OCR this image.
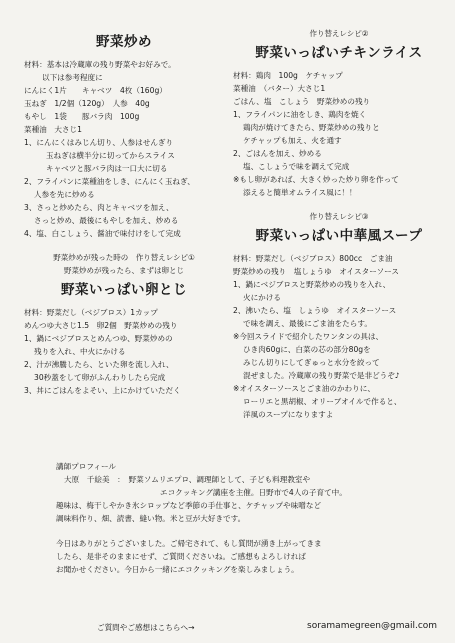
野菜炒め
材料：基本は冷蔵庫の残り野菜やお好みで。
以下は参考程度に
にんにく1片　　キャベツ　4枚（160g）
玉ねぎ　1/2個（120g）　人参　40g
もやし　1袋　　豚バラ肉　100g
菜種油　大さじ1
1、にんにくはみじん切り、人参はせんぎり
玉ねぎは横半分に切ってからスライス
キャベツと豚バラ肉は一口大に切る
2、フライパンに菜種油をしき、にんにく玉ねぎ、
人参を先に炒める
3、さっと炒めたら、肉とキャベツを加え、
さっと炒め、最後にもやしを加え、炒める
4、塩、白こしょう、醤油で味付けをして完成
野菜炒めが残った時の　作り替えレシピ①
野菜炒めが残ったら、まずは卵とじ
野菜いっぱい卵とじ
材料：野菜だし（ベジブロス）1カップ
めんつゆ大さじ1.5　卵2個　野菜炒めの残り
1、鍋にベジブロスとめんつゆ、野菜炒めの
残りを入れ、中火にかける
2、汁が沸騰したら、といた卵を流し入れ、
30秒蓋をして卵がふんわりしたら完成
3、丼にごはんをよそい、上にかけていただく
作り替えレシピ②
野菜いっぱいチキンライス
材料：鶏肉　100g　ケチャップ
菜種油　（バター）大さじ1
ごはん、塩　こしょう　野菜炒めの残り
1、フライパンに油をしき、鶏肉を焼く
鶏肉が焼けてきたら、野菜炒めの残りと
ケチャップも加え、火を通す
2、ごはんを加え、炒める
塩、こしょうで味を調えて完成
※もし卵があれば、大きく炒った炒り卵を作って
添えると簡単オムライス風に！！
作り替えレシピ③
野菜いっぱい中華風スープ
材料：野菜だし（ベジブロス）800cc　ごま油
野菜炒めの残り　塩しょうゆ　オイスターソース
1、鍋にベジブロスと野菜炒めの残りを入れ、
火にかける
2、沸いたら、塩　しょうゆ　オイスターソース
で味を調え、最後にごま油をたらす。
※今回スライドで紹介したワンタンの具は、
ひき肉60gに、白菜の芯の部分80gを
みじん切りにしてぎゅっと水分を絞って
混ぜました。冷蔵庫の残り野菜で是非どうぞ♪
※オイスターソースとごま油のかわりに、
ローリエと黒胡椒、オリーブオイルで作ると、
洋風のスープになりますよ
講師プロフィール
大原　千絵美　：　野菜ソムリエプロ、調理師として、子ども料理教室や
エコクッキング講座を主催。日野市で4人の子育て中。
趣味は、梅干しやかき氷シロップなど季節の手仕事と、ケチャップや味噌など
調味料作り、畑、読書、縫い物。米と豆が大好きです。
今日はありがとうございました。ご帰宅されて、もし質問が湧き上がってきま
したら、是非そのままにせず、ご質問くださいね。ご感想もよろしければ
お聞かせください。今日から一緒にエコクッキングを楽しみましょう。
ご質問やご感想はこちらへ→	soramamegreen@gmail.com
